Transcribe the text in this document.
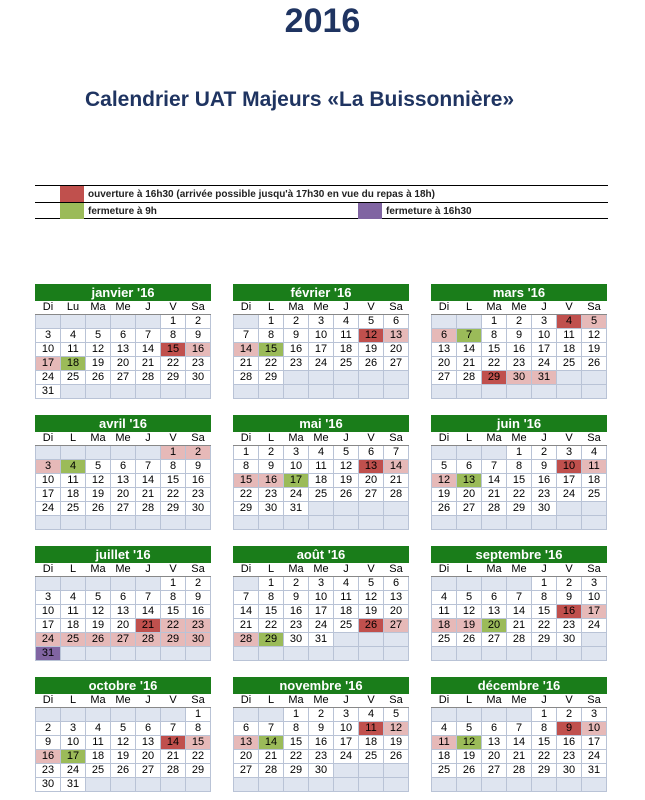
2016
Calendrier UAT Majeurs «La Buissonnière»
ouverture à 16h30 (arrivée possible jusqu'à 17h30 en vue du repas à 18h)
fermeture à 9h	fermeture à 16h30
janvier '16
Di	Lu	Ma	Me	J	V	Sa
					1	2
3	4	5	6	7	8	9
10	11	12	13	14	15	16
17	18	19	20	21	22	23
24	25	26	27	28	29	30
31						
février '16
Di	L	Ma	Me	J	V	Sa
	1	2	3	4	5	6
7	8	9	10	11	12	13
14	15	16	17	18	19	20
21	22	23	24	25	26	27
28	29					

mars '16
Di	L	Ma	Me	J	V	Sa
		1	2	3	4	5
6	7	8	9	10	11	12
13	14	15	16	17	18	19
20	21	22	23	24	25	26
27	28	29	30	31		

avril '16
Di	L	Ma	Me	J	V	Sa
					1	2
3	4	5	6	7	8	9
10	11	12	13	14	15	16
17	18	19	20	21	22	23
24	25	26	27	28	29	30

mai '16
Di	L	Ma	Me	J	V	Sa
1	2	3	4	5	6	7
8	9	10	11	12	13	14
15	16	17	18	19	20	21
22	23	24	25	26	27	28
29	30	31				

juin '16
Di	L	Ma	Me	J	V	Sa
			1	2	3	4
5	6	7	8	9	10	11
12	13	14	15	16	17	18
19	20	21	22	23	24	25
26	27	28	29	30		

juillet '16
Di	L	Ma	Me	J	V	Sa
					1	2
3	4	5	6	7	8	9
10	11	12	13	14	15	16
17	18	19	20	21	22	23
24	25	26	27	28	29	30
31						
août '16
Di	L	Ma	Me	J	V	Sa
	1	2	3	4	5	6
7	8	9	10	11	12	13
14	15	16	17	18	19	20
21	22	23	24	25	26	27
28	29	30	31			

septembre '16
Di	L	Ma	Me	J	V	Sa
				1	2	3
4	5	6	7	8	9	10
11	12	13	14	15	16	17
18	19	20	21	22	23	24
25	26	27	28	29	30	

octobre '16
Di	L	Ma	Me	J	V	Sa
						1
2	3	4	5	6	7	8
9	10	11	12	13	14	15
16	17	18	19	20	21	22
23	24	25	26	27	28	29
30	31					
novembre '16
Di	L	Ma	Me	J	V	Sa
		1	2	3	4	5
6	7	8	9	10	11	12
13	14	15	16	17	18	19
20	21	22	23	24	25	26
27	28	29	30			

décembre '16
Di	L	Ma	Me	J	V	Sa
				1	2	3
4	5	6	7	8	9	10
11	12	13	14	15	16	17
18	19	20	21	22	23	24
25	26	27	28	29	30	31
